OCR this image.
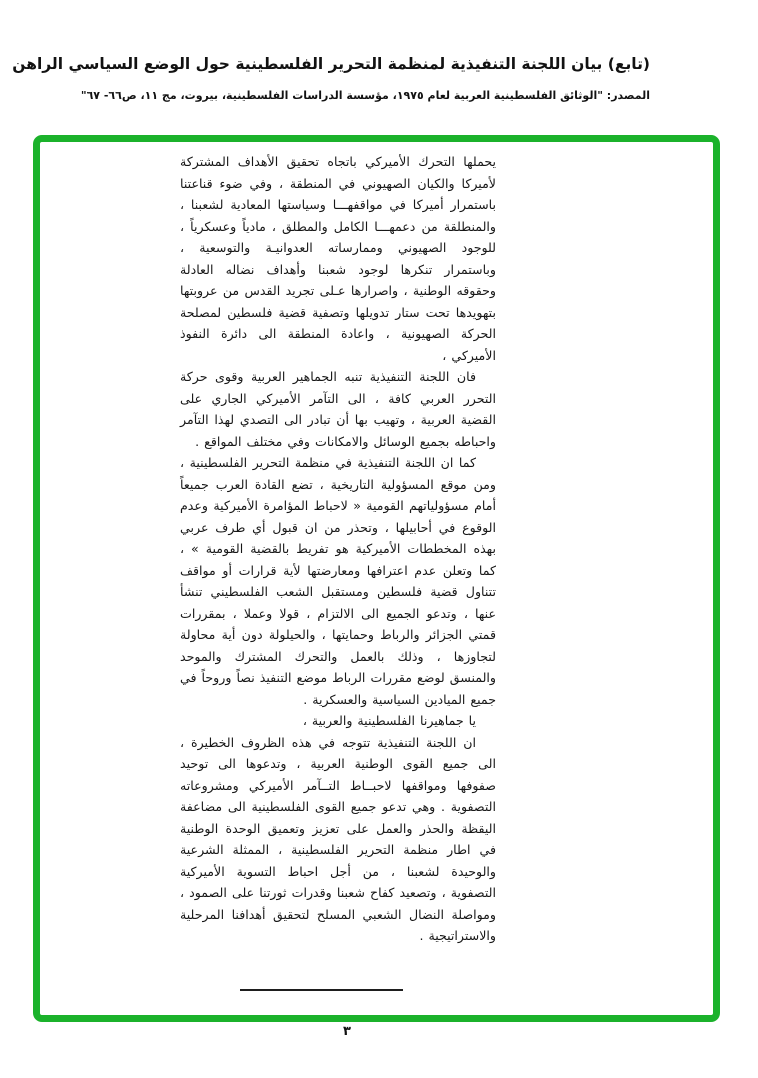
(تابع) بيان اللجنة التنفيذية لمنظمة التحرير الفلسطينية حول الوضع السياسي الراهن
المصدر: "الوثائق الفلسطينية العربية لعام ١٩٧٥، مؤسسة الدراسات الفلسطينية، بيروت، مج ١١، ص٦٦- ٦٧"

يحملها التحرك الأميركي باتجاه تحقيق الأهداف المشتركة لأميركا والكيان الصهيوني في المنطقة ، وفي ضوء قناعتنا باستمرار أميركا في مواقفهـــا وسياستها المعادية لشعبنا ، والمنطلقة من دعمهـــا الكامل والمطلق ، مادياً وعسكرياً ، للوجود الصهيوني وممارساته العدوانيـة والتوسعية ، وباستمرار تنكرها لوجود شعبنا وأهداف نضاله العادلة وحقوقه الوطنية ، واصرارها عـلى تجريد القدس من عروبتها بتهويدها تحت ستار تدويلها وتصفية قضية فلسطين لمصلحة الحركة الصهيونية ، واعادة المنطقة الى دائرة النفوذ الأميركي ،

فان اللجنة التنفيذية تنبه الجماهير العربية وقوى حركة التحرر العربي كافة ، الى التآمر الأميركي الجاري على القضية العربية ، وتهيب بها أن تبادر الى التصدي لهذا التآمر واحباطه بجميع الوسائل والامكانات وفي مختلف المواقع .

كما ان اللجنة التنفيذية في منظمة التحرير الفلسطينية ، ومن موقع المسؤولية التاريخية ، تضع القادة العرب جميعاً أمام مسؤولياتهم القومية « لاحباط المؤامرة الأميركية وعدم الوقوع في أحابيلها ، وتحذر من ان قبول أي طرف عربي بهذه المخططات الأميركية هو تفريط بالقضية القومية » ، كما وتعلن عدم اعترافها ومعارضتها لأية قرارات أو مواقف تتناول قضية فلسطين ومستقبل الشعب الفلسطيني تنشأ عنها ، وتدعو الجميع الى الالتزام ، قولا وعملا ، بمقررات قمتي الجزائر والرباط وحمايتها ، والحيلولة دون أية محاولة لتجاوزها ، وذلك بالعمل والتحرك المشترك والموحد والمنسق لوضع مقررات الرباط موضع التنفيذ نصاً وروحاً في جميع الميادين السياسية والعسكرية .

يا جماهيرنا الفلسطينية والعربية ،

ان اللجنة التنفيذية تتوجه في هذه الظروف الخطيرة ، الى جميع القوى الوطنية العربية ، وتدعوها الى توحيد صفوفها ومواقفها لاحبــاط التــآمر الأميركي ومشروعاته التصفوية . وهي تدعو جميع القوى الفلسطينية الى مضاعفة اليقظة والحذر والعمل على تعزيز وتعميق الوحدة الوطنية في اطار منظمة التحرير الفلسطينية ، الممثلة الشرعية والوحيدة لشعبنا ، من أجل احباط التسوية الأميركية التصفوية ، وتصعيد كفاح شعبنا وقدرات ثورتنا على الصمود ، ومواصلة النضال الشعبي المسلح لتحقيق أهدافنا المرحلية والاستراتيجية .

٣
